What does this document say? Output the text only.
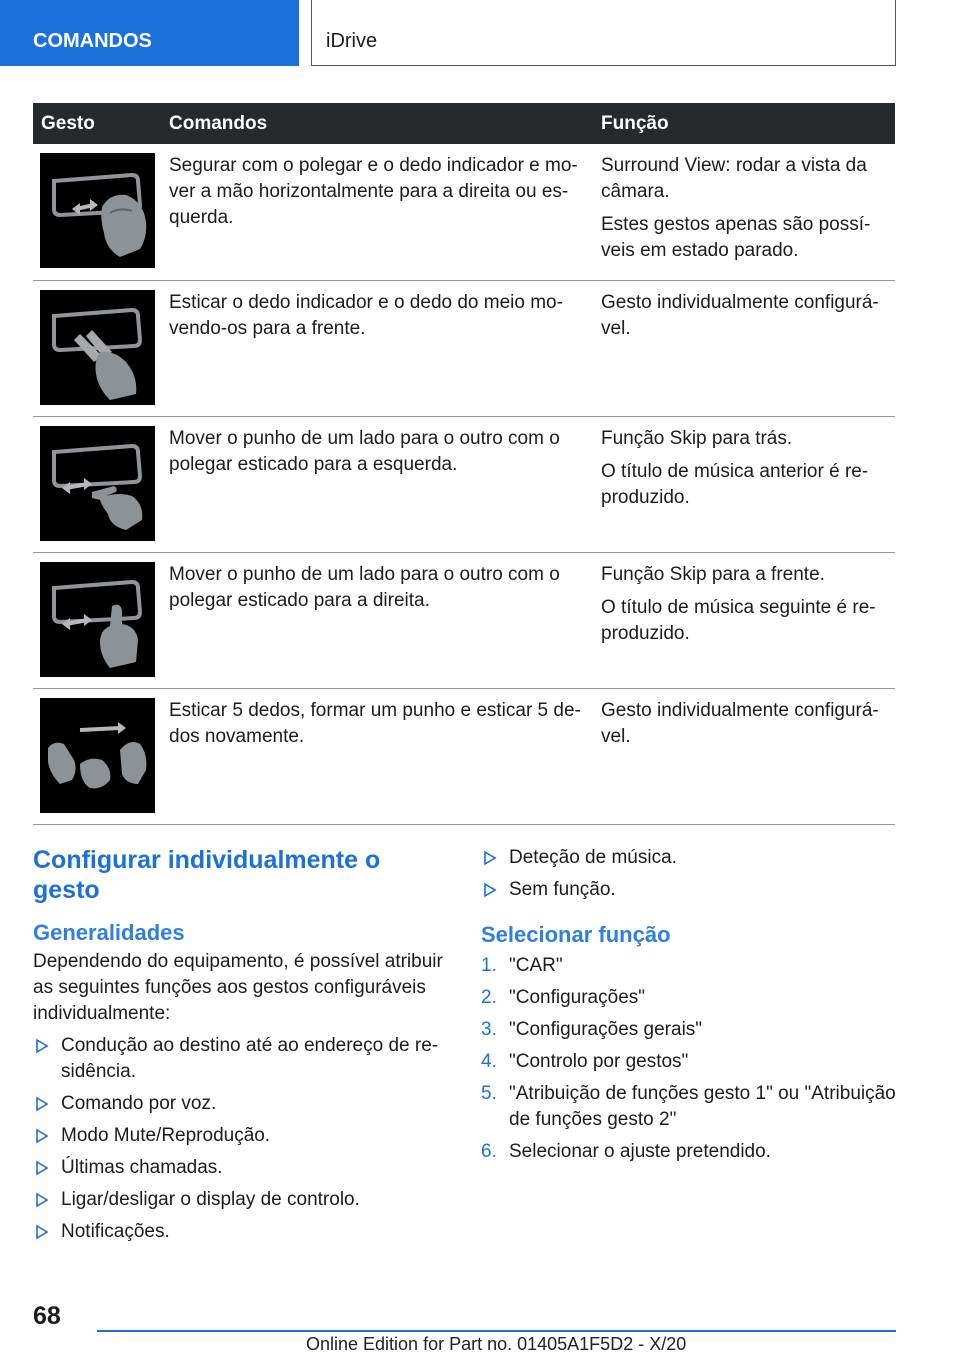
COMANDOS	iDrive
Gesto	Comandos	Função

Segurar com o polegar e o dedo indicador e mo-ver a mão horizontalmente para a direita ou es-querda.	Surround View: rodar a vista da câmara.

Estes gestos apenas são possí-veis em estado parado.

Esticar o dedo indicador e o dedo do meio mo-vendo-os para a frente.	Gesto individualmente configurá-vel.

Mover o punho de um lado para o outro com o polegar esticado para a esquerda.	Função Skip para trás.

O título de música anterior é re-produzido.

Mover o punho de um lado para o outro com o polegar esticado para a direita.	Função Skip para a frente.

O título de música seguinte é re-produzido.

Esticar 5 dedos, formar um punho e esticar 5 de-dos novamente.	Gesto individualmente configurá-vel.

Configurar individualmente o gesto
Generalidades

Dependendo do equipamento, é possível atribuir as seguintes funções aos gestos configuráveis individualmente:

Condução ao destino até ao endereço de re-sidência.
Comando por voz.
Modo Mute/Reprodução.
Últimas chamadas.
Ligar/desligar o display de controlo.
Notificações.
Deteção de música.
Sem função.
Selecionar função
1. "CAR"
2. "Configurações"
3. "Configurações gerais"
4. "Controlo por gestos"
5. "Atribuição de funções gesto 1" ou "Atribuição de funções gesto 2"
6. Selecionar o ajuste pretendido.
68
Online Edition for Part no. 01405A1F5D2 - X/20
